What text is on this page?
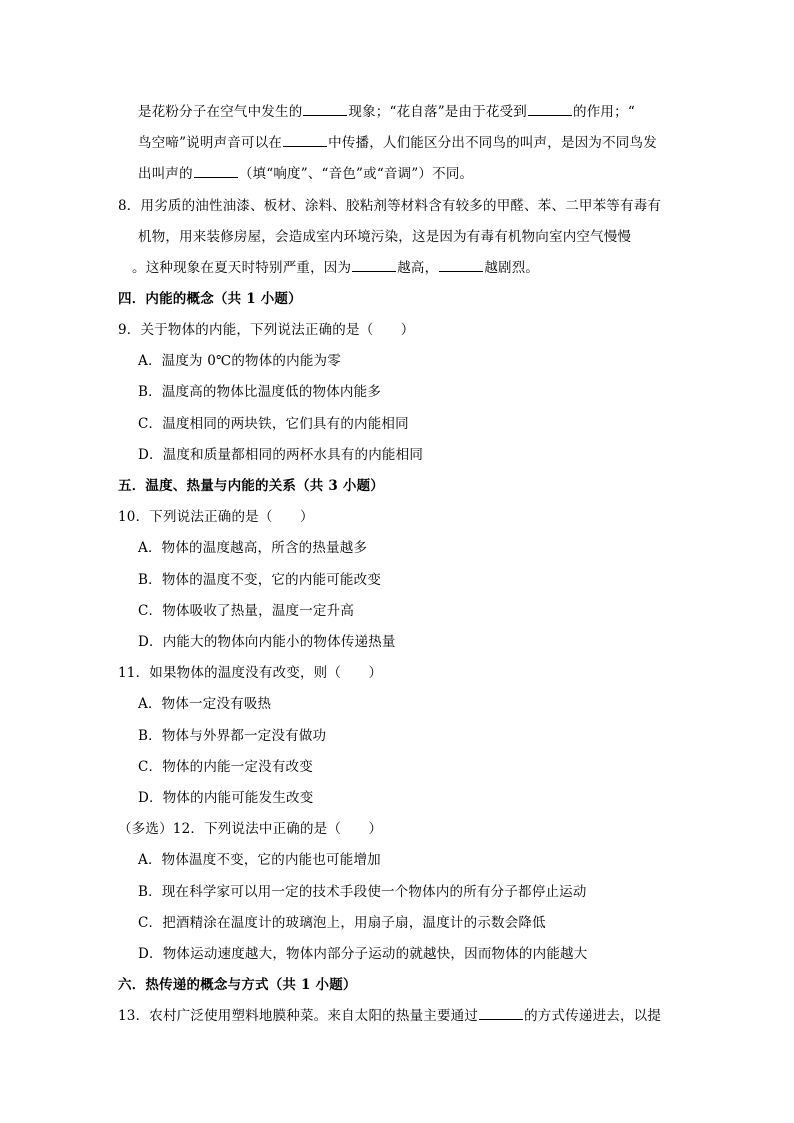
是花粉分子在空气中发生的	现象；“花自落”是由于花受到	的作用；“
鸟空啼”说明声音可以在	中传播，人们能区分出不同鸟的叫声，是因为不同鸟发
出叫声的	（填“响度”、“音色”或“音调”）不同。
8．用劣质的油性油漆、板材、涂料、胶粘剂等材料含有较多的甲醛、苯、二甲苯等有毒有
机物，用来装修房屋，会造成室内环境污染，这是因为有毒有机物向室内空气慢慢
。这种现象在夏天时特别严重，因为	越高，	越剧烈。
四．内能的概念（共 1 小题）
9．关于物体的内能，下列说法正确的是（　　）
A．温度为 0℃的物体的内能为零
B．温度高的物体比温度低的物体内能多
C．温度相同的两块铁，它们具有的内能相同
D．温度和质量都相同的两杯水具有的内能相同
五．温度、热量与内能的关系（共 3 小题）
10．下列说法正确的是（　　）
A．物体的温度越高，所含的热量越多
B．物体的温度不变，它的内能可能改变
C．物体吸收了热量，温度一定升高
D．内能大的物体向内能小的物体传递热量
11．如果物体的温度没有改变，则（　　）
A．物体一定没有吸热
B．物体与外界都一定没有做功
C．物体的内能一定没有改变
D．物体的内能可能发生改变
（多选）12．下列说法中正确的是（　　）
A．物体温度不变，它的内能也可能增加
B．现在科学家可以用一定的技术手段使一个物体内的所有分子都停止运动
C．把酒精涂在温度计的玻璃泡上，用扇子扇，温度计的示数会降低
D．物体运动速度越大，物体内部分子运动的就越快，因而物体的内能越大
六．热传递的概念与方式（共 1 小题）
13．农村广泛使用塑料地膜种菜。来自太阳的热量主要通过	的方式传递进去，以提
